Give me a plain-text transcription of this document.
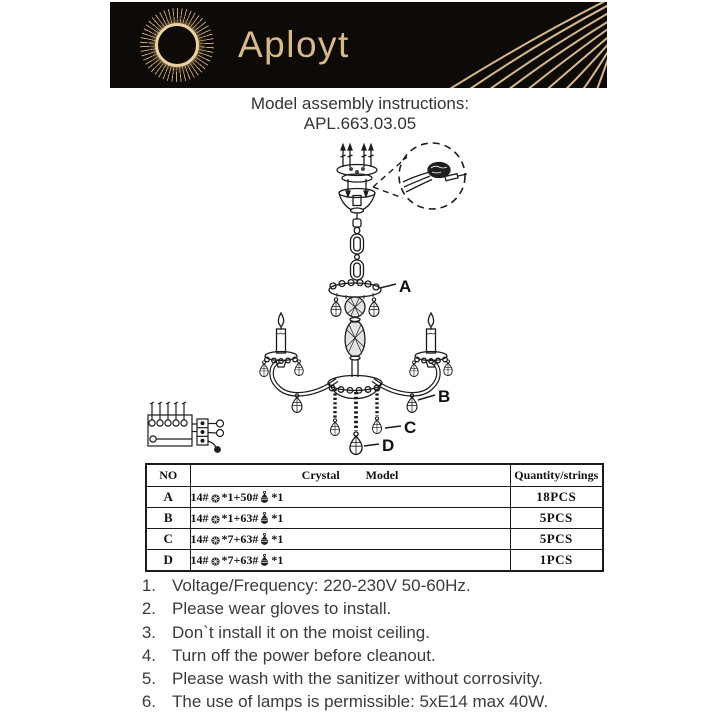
Aployt
Model assembly instructions:
APL.663.03.05
A
B
C
D
NO	Crystal Model	Quantity/strings
A	14# *1+50# *1	18PCS
B	14# *1+63# *1	5PCS
C	14# *7+63# *1	5PCS
D	14# *7+63# *1	1PCS
1. Voltage/Frequency: 220-230V 50-60Hz.
2. Please wear gloves to install.
3. Don`t install it on the moist ceiling.
4. Turn off the power before cleanout.
5. Please wash with the sanitizer without corrosivity.
6. The use of lamps is permissible: 5xE14 max 40W.
